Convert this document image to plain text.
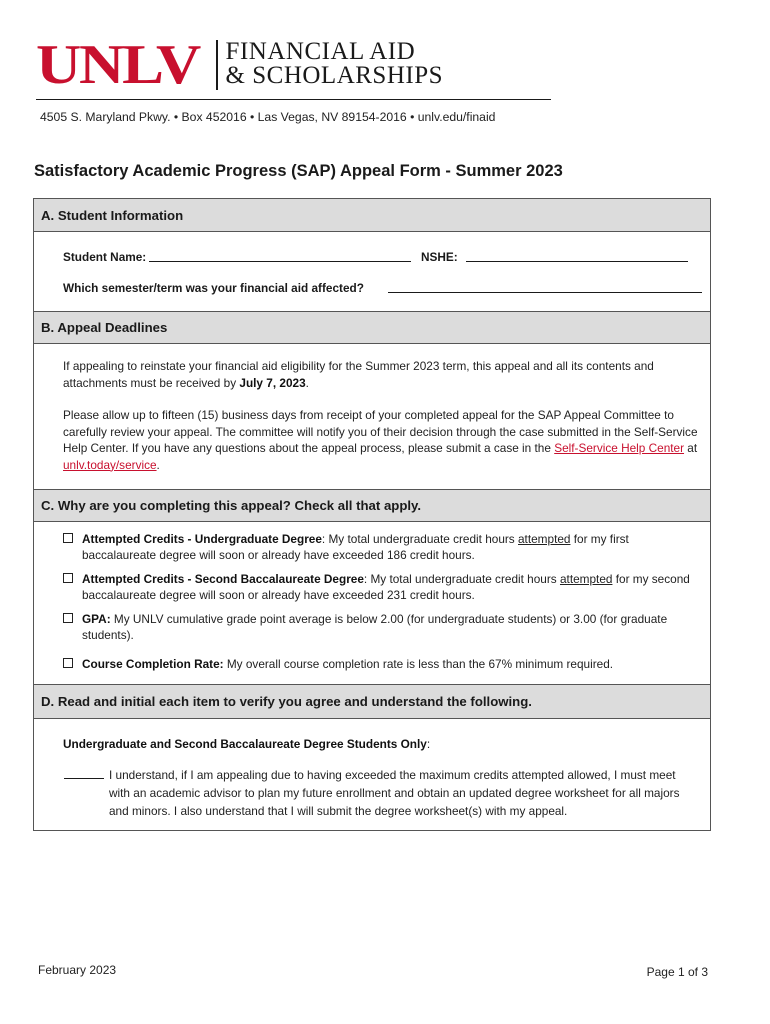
UNLV FINANCIAL AID
& SCHOLARSHIPS
4505 S. Maryland Pkwy. • Box 452016 • Las Vegas, NV 89154-2016 • unlv.edu/finaid
Satisfactory Academic Progress (SAP) Appeal Form - Summer 2023
A. Student Information
Student Name:	NSHE:
Which semester/term was your financial aid affected?
B. Appeal Deadlines
If appealing to reinstate your financial aid eligibility for the Summer 2023 term, this appeal and all its contents and attachments must be received by July 7, 2023.
Please allow up to fifteen (15) business days from receipt of your completed appeal for the SAP Appeal Committee to carefully review your appeal. The committee will notify you of their decision through the case submitted in the Self-Service Help Center. If you have any questions about the appeal process, please submit a case in the Self-Service Help Center at unlv.today/service.
C. Why are you completing this appeal? Check all that apply.
Attempted Credits - Undergraduate Degree: My total undergraduate credit hours attempted for my first baccalaureate degree will soon or already have exceeded 186 credit hours.
Attempted Credits - Second Baccalaureate Degree: My total undergraduate credit hours attempted for my second baccalaureate degree will soon or already have exceeded 231 credit hours.
GPA: My UNLV cumulative grade point average is below 2.00 (for undergraduate students) or 3.00 (for graduate students).
Course Completion Rate: My overall course completion rate is less than the 67% minimum required.
D. Read and initial each item to verify you agree and understand the following.
Undergraduate and Second Baccalaureate Degree Students Only:
I understand, if I am appealing due to having exceeded the maximum credits attempted allowed, I must meet with an academic advisor to plan my future enrollment and obtain an updated degree worksheet for all majors and minors. I also understand that I will submit the degree worksheet(s) with my appeal.
February 2023	Page 1 of 3
